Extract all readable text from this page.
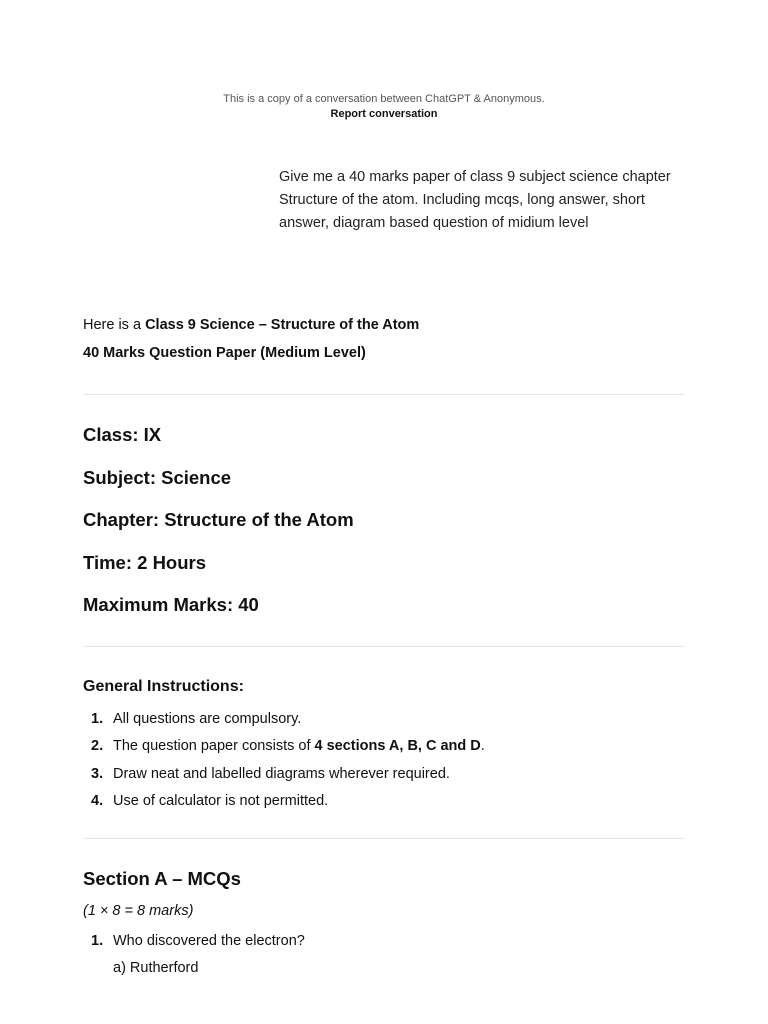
This is a copy of a conversation between ChatGPT & Anonymous.
Report conversation
Give me a 40 marks paper of class 9 subject science chapter Structure of the atom. Including mcqs, long answer, short answer, diagram based question of midium level

Here is a Class 9 Science – Structure of the Atom
40 Marks Question Paper (Medium Level)

Class: IX
Subject: Science
Chapter: Structure of the Atom
Time: 2 Hours
Maximum Marks: 40
General Instructions:
1. All questions are compulsory.
2. The question paper consists of 4 sections A, B, C and D.
3. Draw neat and labelled diagrams wherever required.
4. Use of calculator is not permitted.
Section A – MCQs

(1 × 8 = 8 marks)

1. Who discovered the electron?
a) Rutherford
